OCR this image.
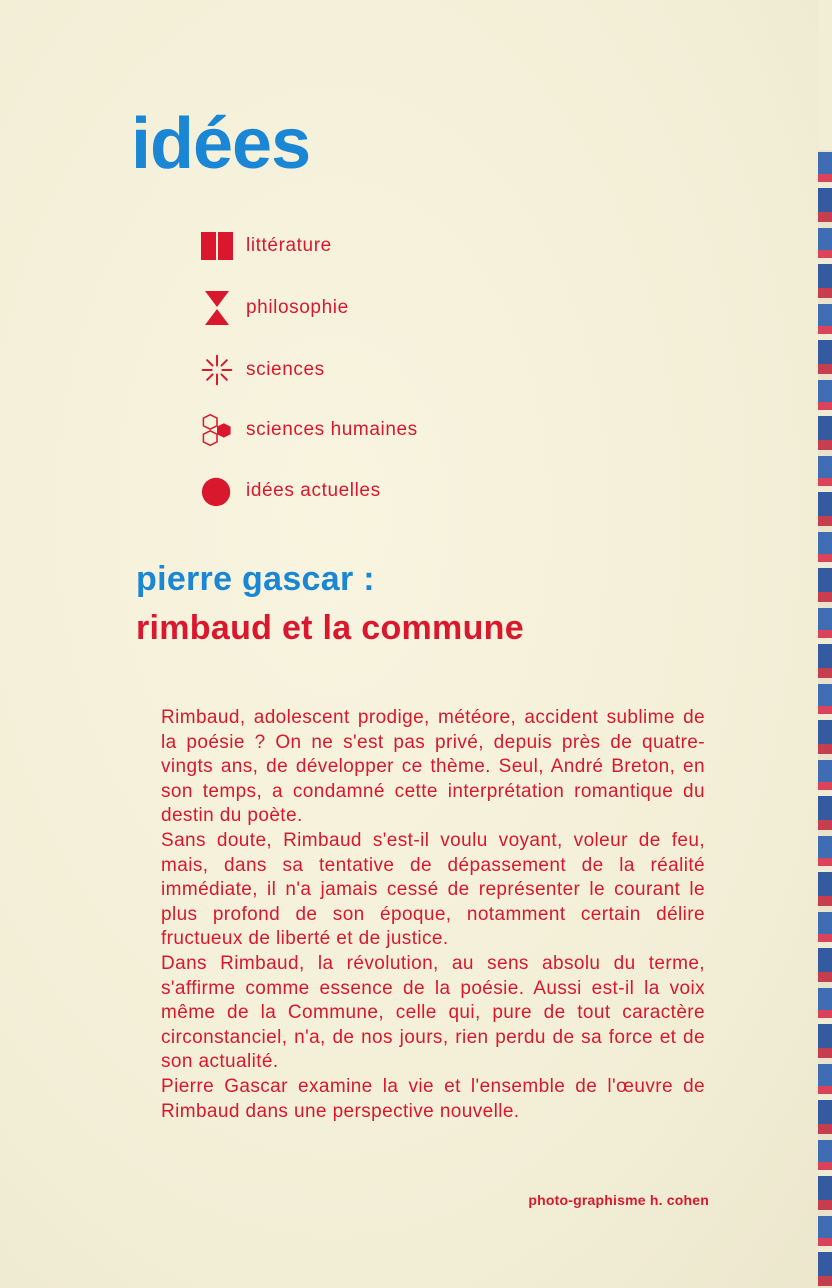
idées
littérature
philosophie
sciences
sciences humaines
idées actuelles
pierre gascar :
rimbaud et la commune

Rimbaud, adolescent prodige, météore, accident sublime de la poésie ? On ne s'est pas privé, depuis près de quatre-vingts ans, de développer ce thème. Seul, André Breton, en son temps, a condamné cette interprétation romantique du destin du poète.

Sans doute, Rimbaud s'est-il voulu voyant, voleur de feu, mais, dans sa tentative de dépassement de la réalité immédiate, il n'a jamais cessé de représenter le courant le plus profond de son époque, notamment certain délire fructueux de liberté et de justice.

Dans Rimbaud, la révolution, au sens absolu du terme, s'affirme comme essence de la poésie. Aussi est-il la voix même de la Commune, celle qui, pure de tout caractère circonstanciel, n'a, de nos jours, rien perdu de sa force et de son actualité.

Pierre Gascar examine la vie et l'ensemble de l'œuvre de Rimbaud dans une perspective nouvelle.

photo-graphisme h. cohen
